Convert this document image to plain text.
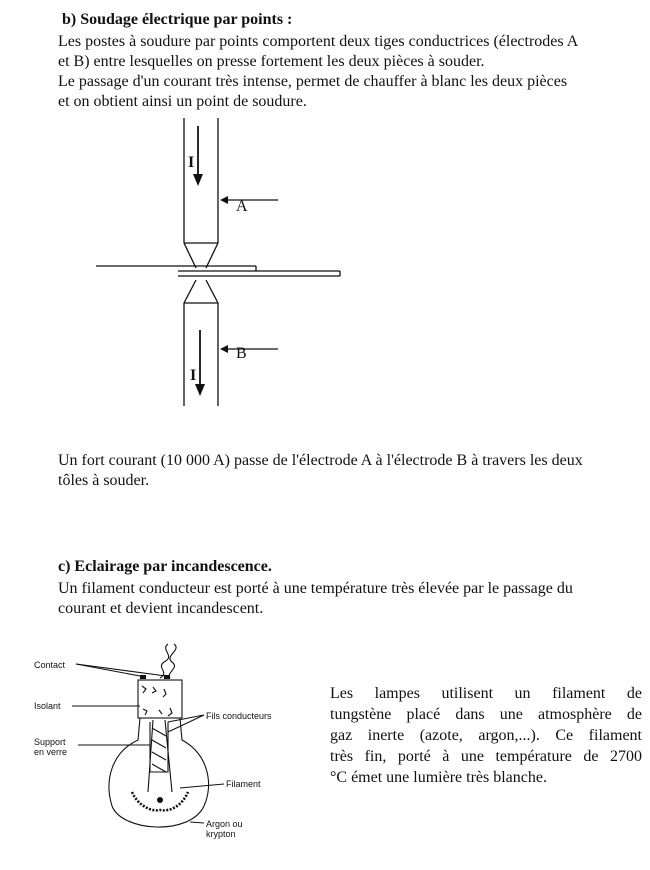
b) Soudage électrique par points :
Les postes à soudure par points comportent deux tiges conductrices (électrodes A
et B) entre lesquelles on presse fortement les deux pièces à souder.
Le passage d'un courant très intense, permet de chauffer à blanc les deux pièces
et on obtient ainsi un point de soudure.
I
A
B
I
Un fort courant (10 000 A) passe de l'électrode A à l'électrode B à travers les deux
tôles à souder.
c) Eclairage par incandescence.
Un filament conducteur est porté à une température très élevée par le passage du
courant et devient incandescent.
Contact
Isolant
Support
en verre
Fils conducteurs
Filament
Argon ou
krypton
Les lampes utilisent un filament de
tungstène placé dans une atmosphère de
gaz inerte (azote, argon,...). Ce filament
très fin, porté à une température de 2700
°C émet une lumière très blanche.
